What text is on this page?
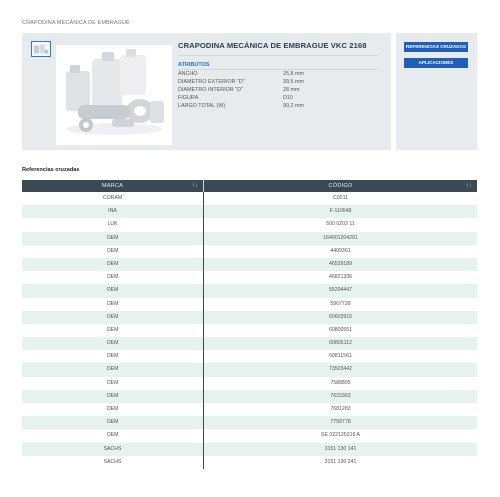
CRAPODINA MECÁNICA DE EMBRAGUE
CRAPODINA MECÁNICA DE EMBRAGUE VKC 2168
ATRIBUTOS
ANCHO	25,8 mm
DIAMETRO EXTERIOR "D"	39,5 mm
DIAMETRO INTERIOR "D"	28 mm
FIGURA	D10
LARGO TOTAL (W)	90,2 mm
REFERENCIAS CRUZADAS
APLICACIONES
Referencias cruzadas
MARCA	↑↓	CÓDIGO	↑↓
CORAM	C0011
INA	F-110648
LUK	500 0202 11
OEM	164001204201
OEM	4409361
OEM	46539189
OEM	46821336
OEM	55204447
OEM	5967728
OEM	60603915
OEM	60800551
OEM	60805112
OEM	60811561
OEM	73503442
OEM	7588805
OEM	7633363
OEM	7681283
OEM	7799778
OEM	SE 022125316 A
SACHS	3151 130 141
SACHS	3151 130 241
